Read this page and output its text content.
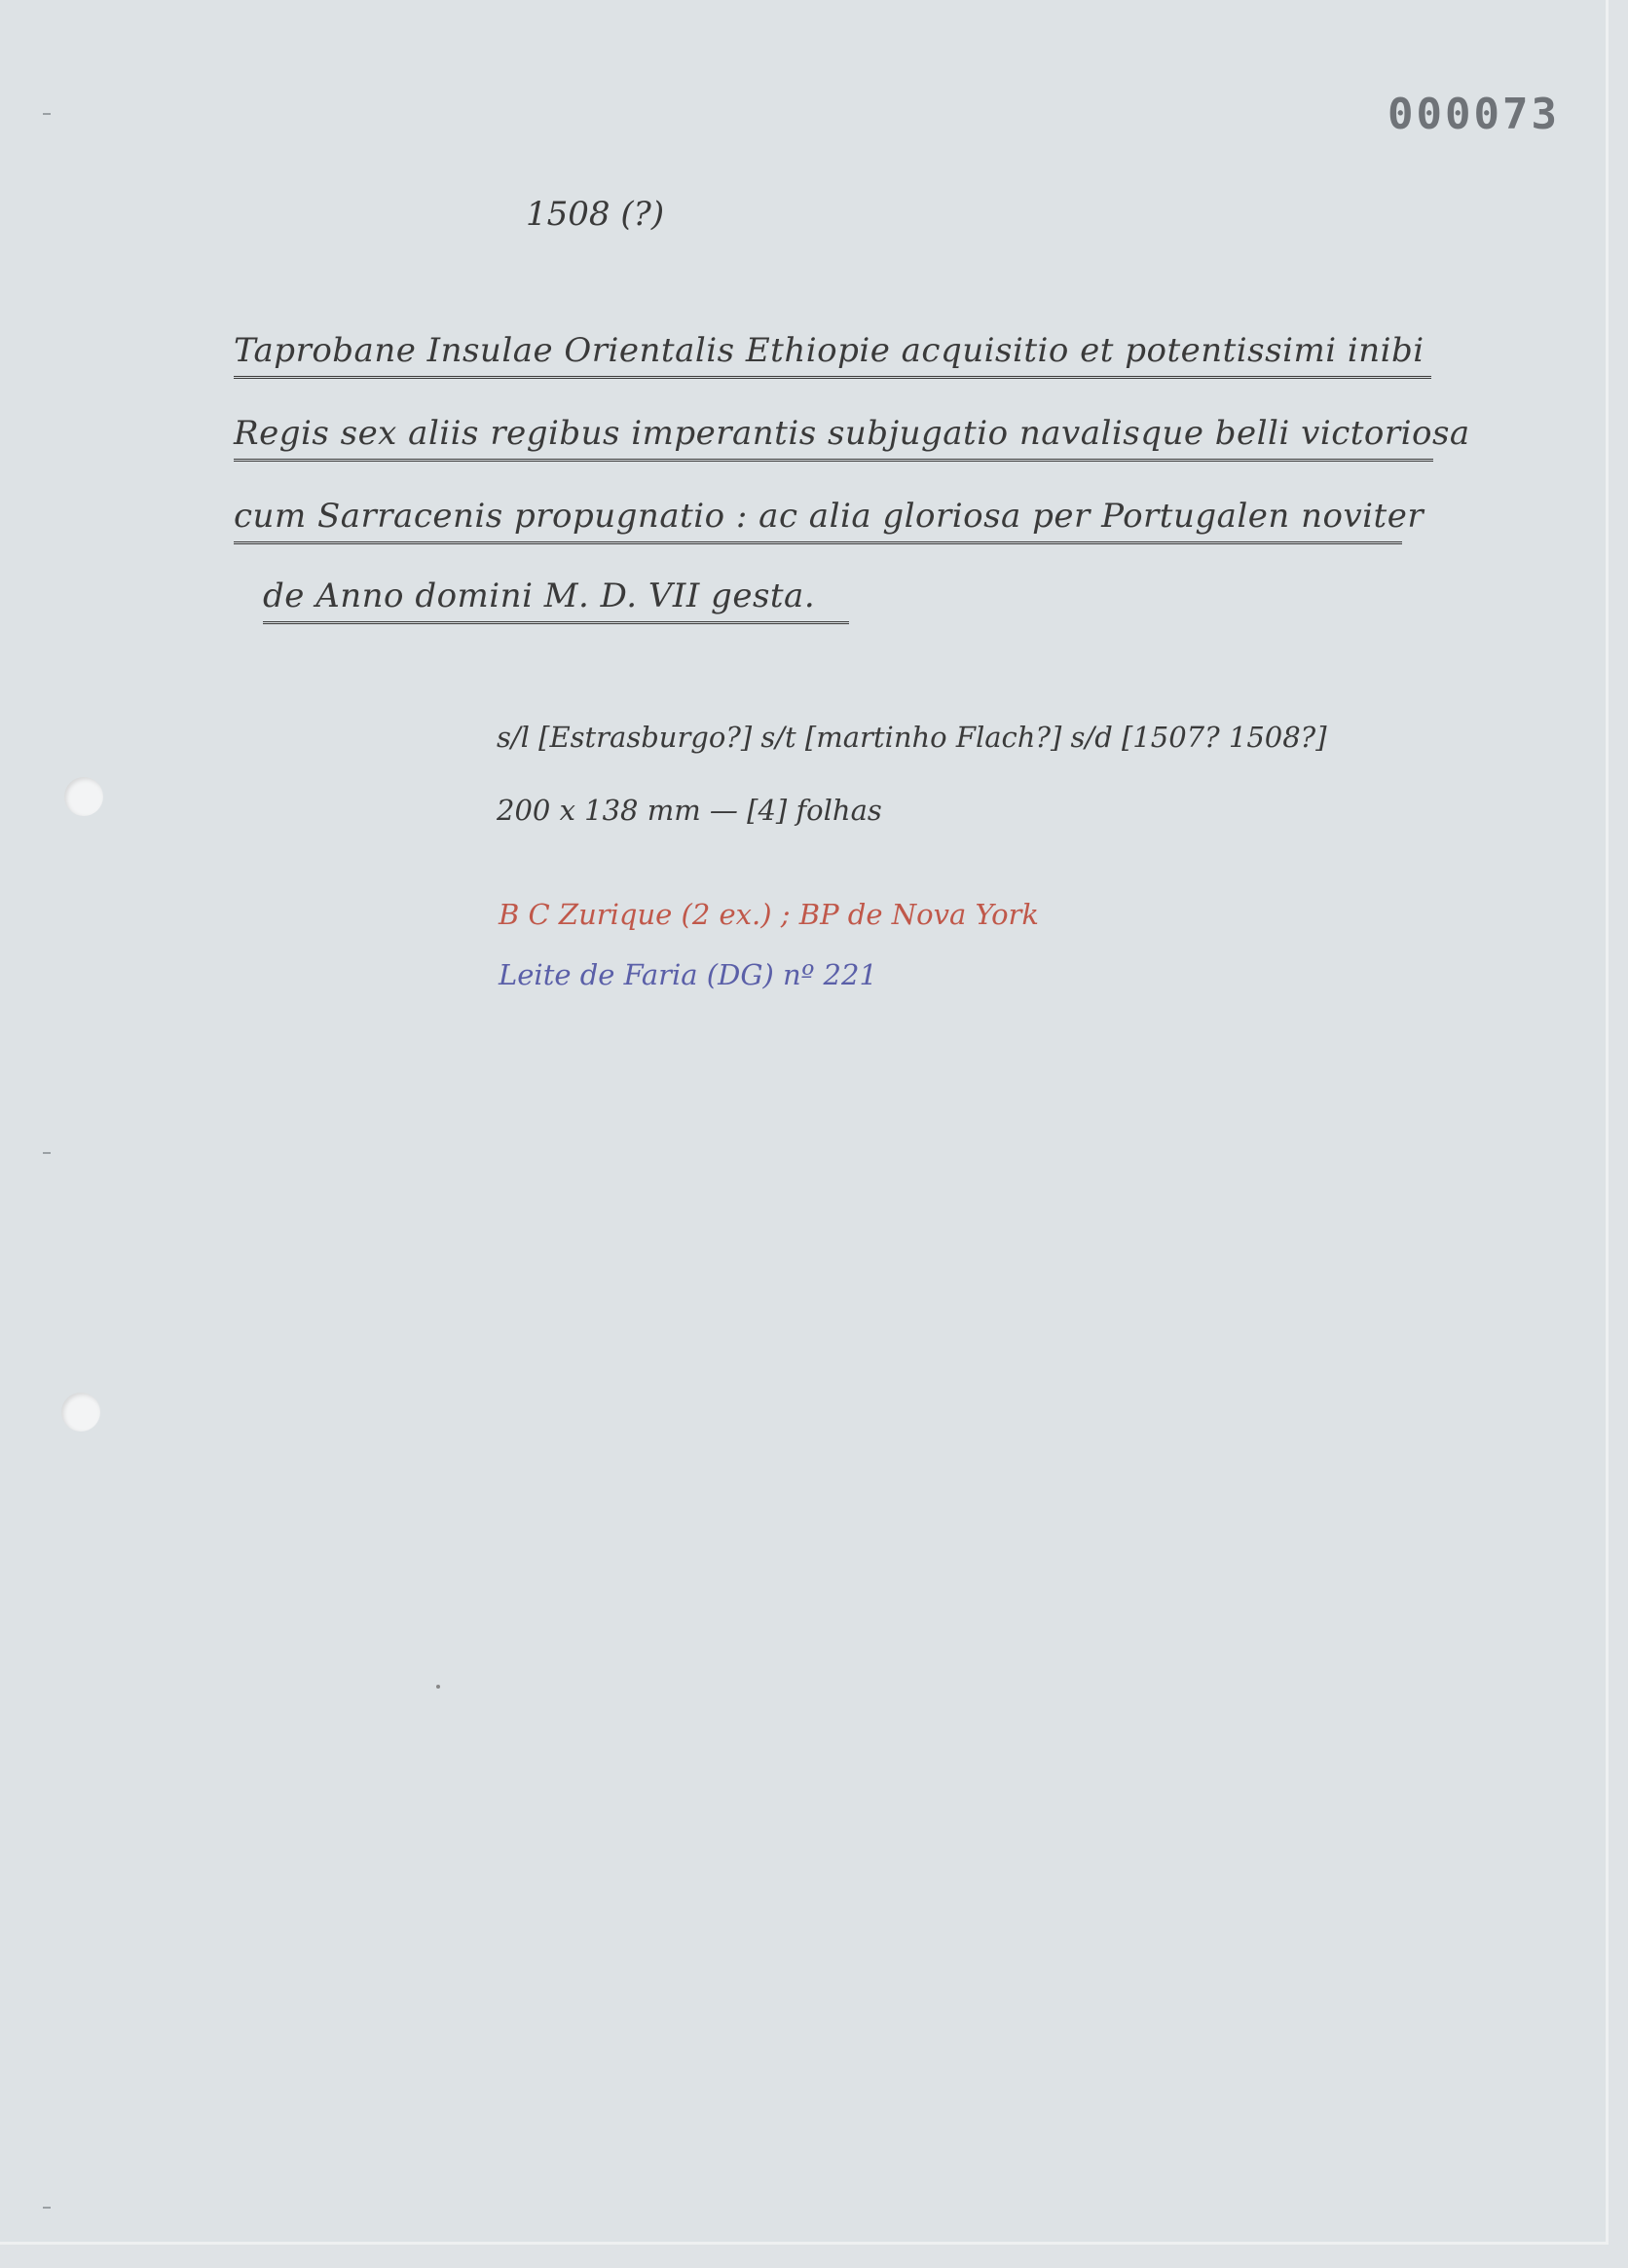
000073
1508 (?)
Taprobane Insulae Orientalis Ethiopie acquisitio et potentissimi inibi
Regis sex aliis regibus imperantis subjugatio navalisque belli victoriosa
cum Sarracenis propugnatio : ac alia gloriosa per Portugalen noviter
de Anno domini M. D. VII gesta.
s/l [Estrasburgo?] s/t [martinho Flach?] s/d [1507? 1508?]
200 x 138 mm — [4] folhas
B C Zurique (2 ex.) ; BP de Nova York
Leite de Faria (DG) nº 221
